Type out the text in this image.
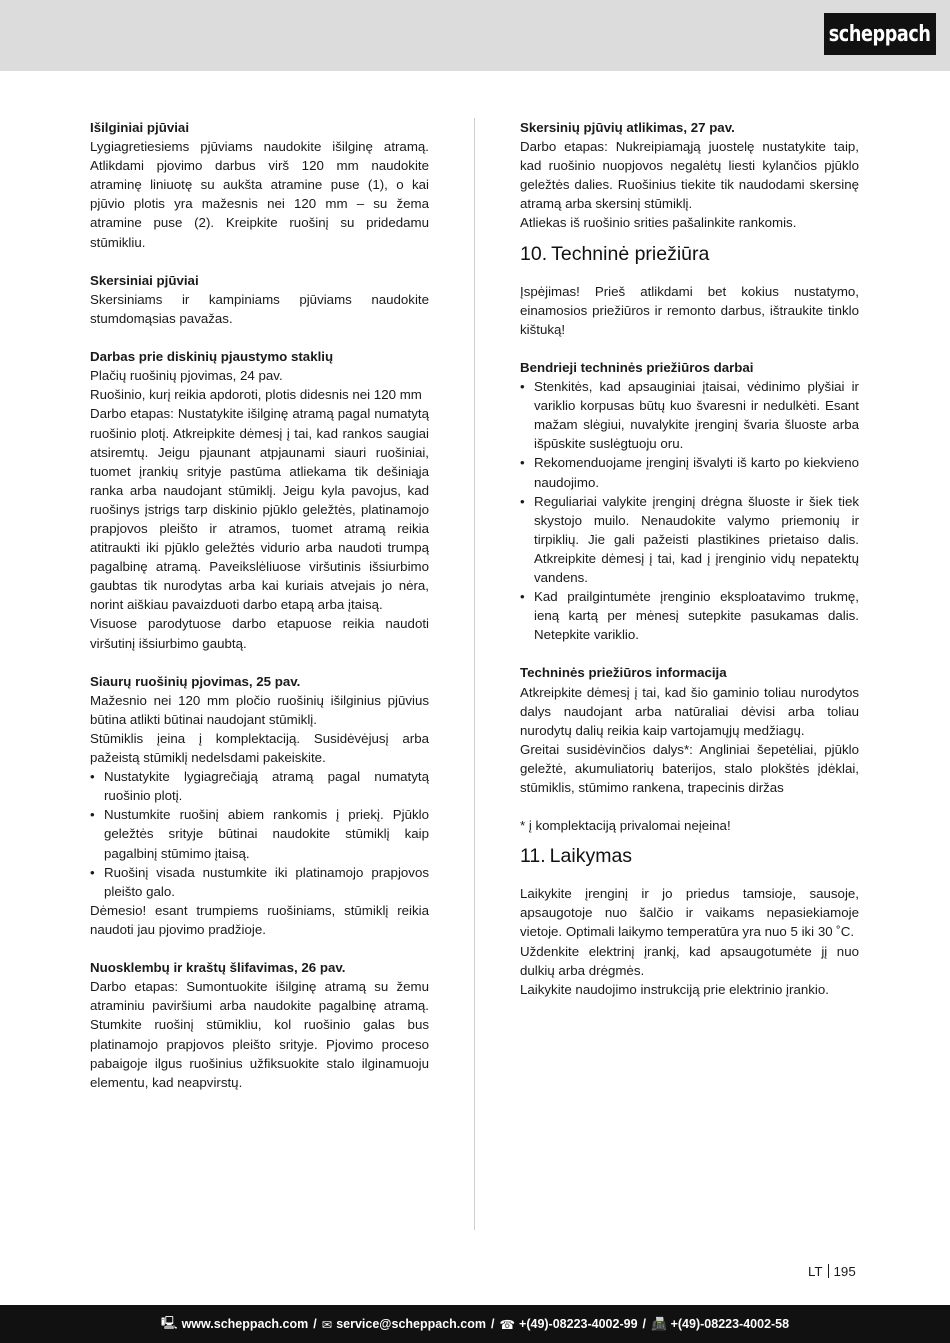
scheppach

Išilginiai pjūviai

Lygiagretiesiems pjūviams naudokite išilginę atramą. Atlikdami pjovimo darbus virš 120 mm naudokite atraminę liniuotę su aukšta atramine puse (1), o kai pjūvio plotis yra mažesnis nei 120 mm – su žema atramine puse (2). Kreipkite ruošinį su pridedamu stūmikliu.

Skersiniai pjūviai

Skersiniams ir kampiniams pjūviams naudokite stumdomąsias pavažas.

Darbas prie diskinių pjaustymo staklių

Plačių ruošinių pjovimas, 24 pav.

Ruošinio, kurį reikia apdoroti, plotis didesnis nei 120 mm

Darbo etapas: Nustatykite išilginę atramą pagal numatytą ruošinio plotį. Atkreipkite dėmesį į tai, kad rankos saugiai atsiremtų. Jeigu pjaunant atpjaunami siauri ruošiniai, tuomet įrankių srityje pastūma atliekama tik dešiniąja ranka arba naudojant stūmiklį. Jeigu kyla pavojus, kad ruošinys įstrigs tarp diskinio pjūklo geležtės, platinamojo prapjovos pleišto ir atramos, tuomet atramą reikia atitraukti iki pjūklo geležtės vidurio arba naudoti trumpą pagalbinę atramą. Paveikslėliuose viršutinis išsiurbimo gaubtas tik nurodytas arba kai kuriais atvejais jo nėra, norint aiškiau pavaizduoti darbo etapą arba įtaisą.

Visuose parodytuose darbo etapuose reikia naudoti viršutinį išsiurbimo gaubtą.

Siaurų ruošinių pjovimas, 25 pav.

Mažesnio nei 120 mm pločio ruošinių išilginius pjūvius būtina atlikti būtinai naudojant stūmiklį.

Stūmiklis įeina į komplektaciją. Susidėvėjusį arba pažeistą stūmiklį nedelsdami pakeiskite.

• Nustatykite lygiagrečiąją atramą pagal numatytą ruošinio plotį.
• Nustumkite ruošinį abiem rankomis į priekį. Pjūklo geležtės srityje būtinai naudokite stūmiklį kaip pagalbinį stūmimo įtaisą.
• Ruošinį visada nustumkite iki platinamojo prapjovos pleišto galo.

Dėmesio! esant trumpiems ruošiniams, stūmiklį reikia naudoti jau pjovimo pradžioje.

Nuosklembų ir kraštų šlifavimas, 26 pav.

Darbo etapas: Sumontuokite išilginę atramą su žemu atraminiu paviršiumi arba naudokite pagalbinę atramą. Stumkite ruošinį stūmikliu, kol ruošinio galas bus platinamojo prapjovos pleišto srityje. Pjovimo proceso pabaigoje ilgus ruošinius užfiksuokite stalo ilginamuoju elementu, kad neapvirstų.

Skersinių pjūvių atlikimas, 27 pav.

Darbo etapas: Nukreipiamąją juostelę nustatykite taip, kad ruošinio nuopjovos negalėtų liesti kylančios pjūklo geležtės dalies. Ruošinius tiekite tik naudodami skersinę atramą arba skersinį stūmiklį.

Atliekas iš ruošinio srities pašalinkite rankomis.

10. Techninė priežiūra

Įspėjimas! Prieš atlikdami bet kokius nustatymo, einamosios priežiūros ir remonto darbus, ištraukite tinklo kištuką!

Bendrieji techninės priežiūros darbai

• Stenkitės, kad apsauginiai įtaisai, vėdinimo plyšiai ir variklio korpusas būtų kuo švaresni ir nedulkėti. Esant mažam slėgiui, nuvalykite įrenginį švaria šluoste arba išpūskite suslėgtuoju oru.
• Rekomenduojame įrenginį išvalyti iš karto po kiekvieno naudojimo.
• Reguliariai valykite įrenginį drėgna šluoste ir šiek tiek skystojo muilo. Nenaudokite valymo priemonių ir tirpiklių. Jie gali pažeisti plastikines prietaiso dalis. Atkreipkite dėmesį į tai, kad į įrenginio vidų nepatektų vandens.
• Kad prailgintumėte įrenginio eksploatavimo trukmę, ieną kartą per mėnesį sutepkite pasukamas dalis. Netepkite variklio.

Techninės priežiūros informacija

Atkreipkite dėmesį į tai, kad šio gaminio toliau nurodytos dalys naudojant arba natūraliai dėvisi arba toliau nurodytų dalių reikia kaip vartojamųjų medžiagų.

Greitai susidėvinčios dalys*: Angliniai šepetėliai, pjūklo geležtė, akumuliatorių baterijos, stalo plokštės įdėklai, stūmiklis, stūmimo rankena, trapecinis diržas

* į komplektaciją privalomai neįeina!

11. Laikymas

Laikykite įrenginį ir jo priedus tamsioje, sausoje, apsaugotoje nuo šalčio ir vaikams nepasiekiamoje vietoje. Optimali laikymo temperatūra yra nuo 5 iki 30 ˚C.

Uždenkite elektrinį įrankį, kad apsaugotumėte jį nuo dulkių arba drėgmės.

Laikykite naudojimo instrukciją prie elektrinio įrankio.

LT 195
🖳 www.scheppach.com / ✉ service@scheppach.com / ☎ +(49)-08223-4002-99 / 📠 +(49)-08223-4002-58
